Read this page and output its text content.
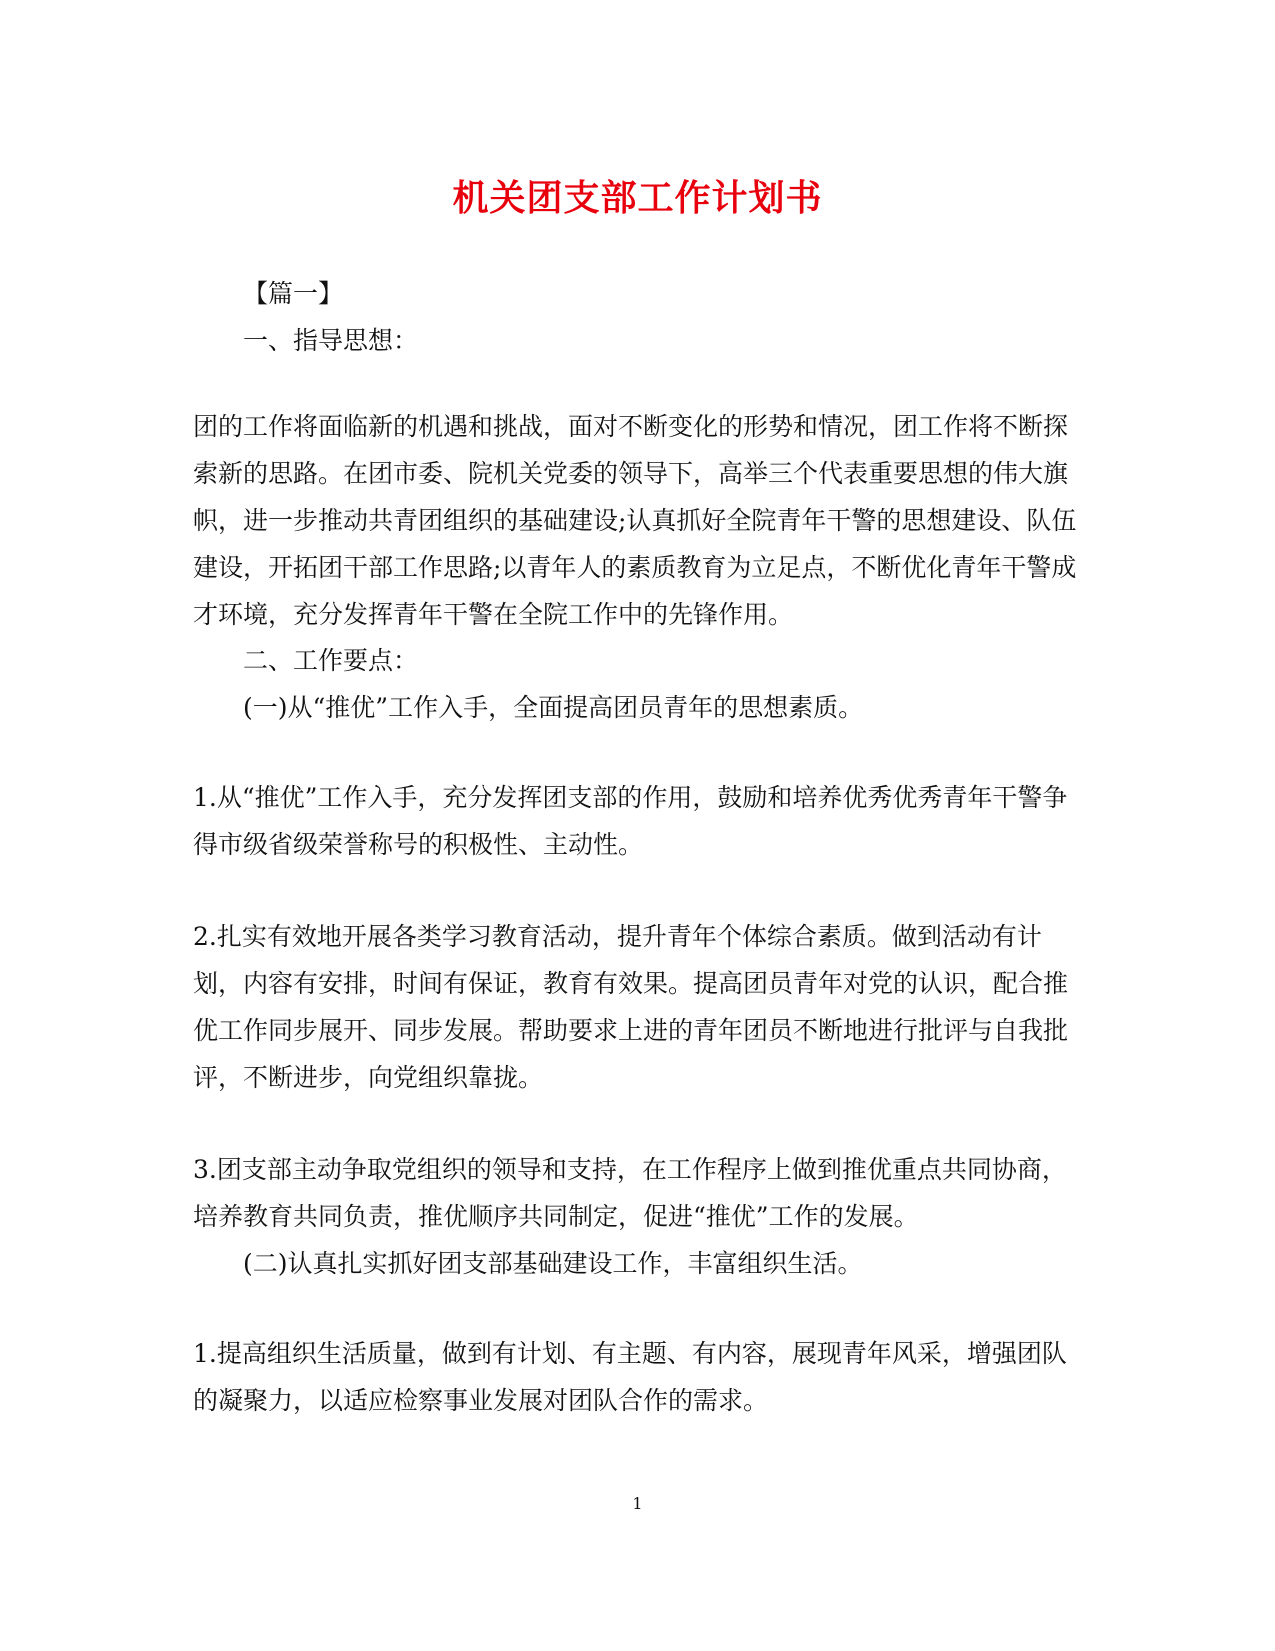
机关团支部工作计划书

【篇一】

一、指导思想：

团的工作将面临新的机遇和挑战，面对不断变化的形势和情况，团工作将不断探索新的思路。在团市委、院机关党委的领导下，高举三个代表重要思想的伟大旗帜，进一步推动共青团组织的基础建设;认真抓好全院青年干警的思想建设、队伍建设，开拓团干部工作思路;以青年人的素质教育为立足点，不断优化青年干警成才环境，充分发挥青年干警在全院工作中的先锋作用。

二、工作要点：

(一)从“推优”工作入手，全面提高团员青年的思想素质。

1.从“推优”工作入手，充分发挥团支部的作用，鼓励和培养优秀优秀青年干警争得市级省级荣誉称号的积极性、主动性。

2.扎实有效地开展各类学习教育活动，提升青年个体综合素质。做到活动有计划，内容有安排，时间有保证，教育有效果。提高团员青年对党的认识，配合推优工作同步展开、同步发展。帮助要求上进的青年团员不断地进行批评与自我批评，不断进步，向党组织靠拢。

3.团支部主动争取党组织的领导和支持，在工作程序上做到推优重点共同协商，培养教育共同负责，推优顺序共同制定，促进“推优”工作的发展。

(二)认真扎实抓好团支部基础建设工作，丰富组织生活。

1.提高组织生活质量，做到有计划、有主题、有内容，展现青年风采，增强团队的凝聚力，以适应检察事业发展对团队合作的需求。

1
